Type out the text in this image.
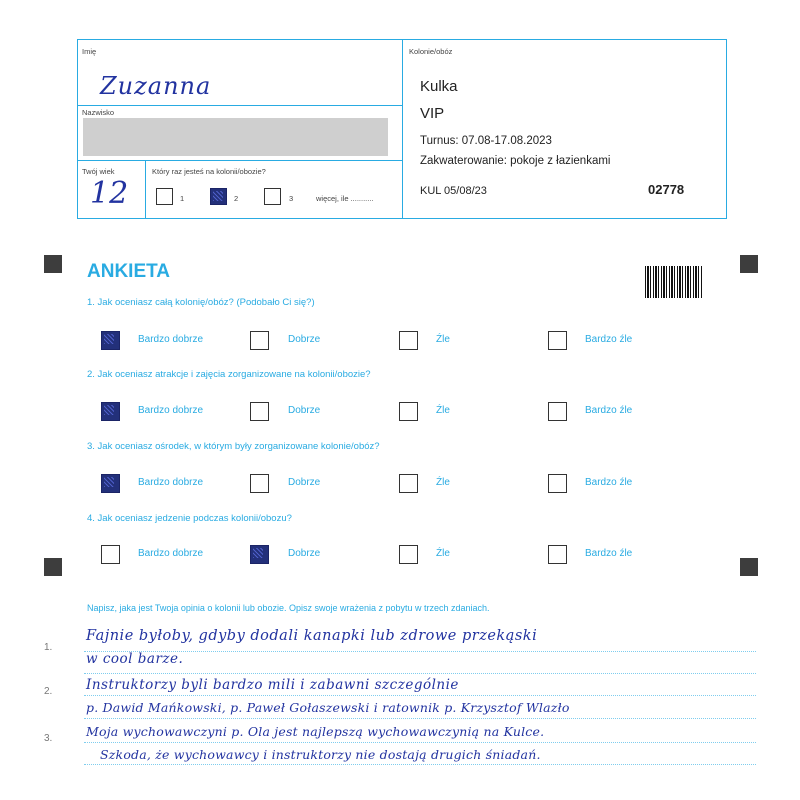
Imię
Zuzanna
Nazwisko
Twój wiek
12
Który raz jesteś na kolonii/obozie?
1	2	3	więcej, ile ...........
Kolonie/obóz
Kulka
VIP
Turnus: 07.08-17.08.2023
Zakwaterowanie: pokoje z łazienkami
KUL 05/08/23	02778
ANKIETA
1. Jak oceniasz całą kolonię/obóz? (Podobało Ci się?)
2. Jak oceniasz atrakcje i zajęcia zorganizowane na kolonii/obozie?
3. Jak oceniasz ośrodek, w którym były zorganizowane kolonie/obóz?
4. Jak oceniasz jedzenie podczas kolonii/obozu?
Bardzo dobrze	Dobrze	Źle	Bardzo źle
Bardzo dobrze	Dobrze	Źle	Bardzo źle
Bardzo dobrze	Dobrze	Źle	Bardzo źle
Bardzo dobrze	Dobrze	Źle	Bardzo źle
Napisz, jaka jest Twoja opinia o kolonii lub obozie. Opisz swoje wrażenia z pobytu w trzech zdaniach.
1.
2.
3.
Fajnie byłoby, gdyby dodali kanapki lub zdrowe przekąski
w cool barze.
Instruktorzy byli bardzo mili i zabawni szczególnie
p. Dawid Mańkowski, p. Paweł Gołaszewski i ratownik p. Krzysztof Wlazło
Moja wychowawczyni p. Ola jest najlepszą wychowawczynią na Kulce.
Szkoda, że wychowawcy i instruktorzy nie dostają drugich śniadań.
